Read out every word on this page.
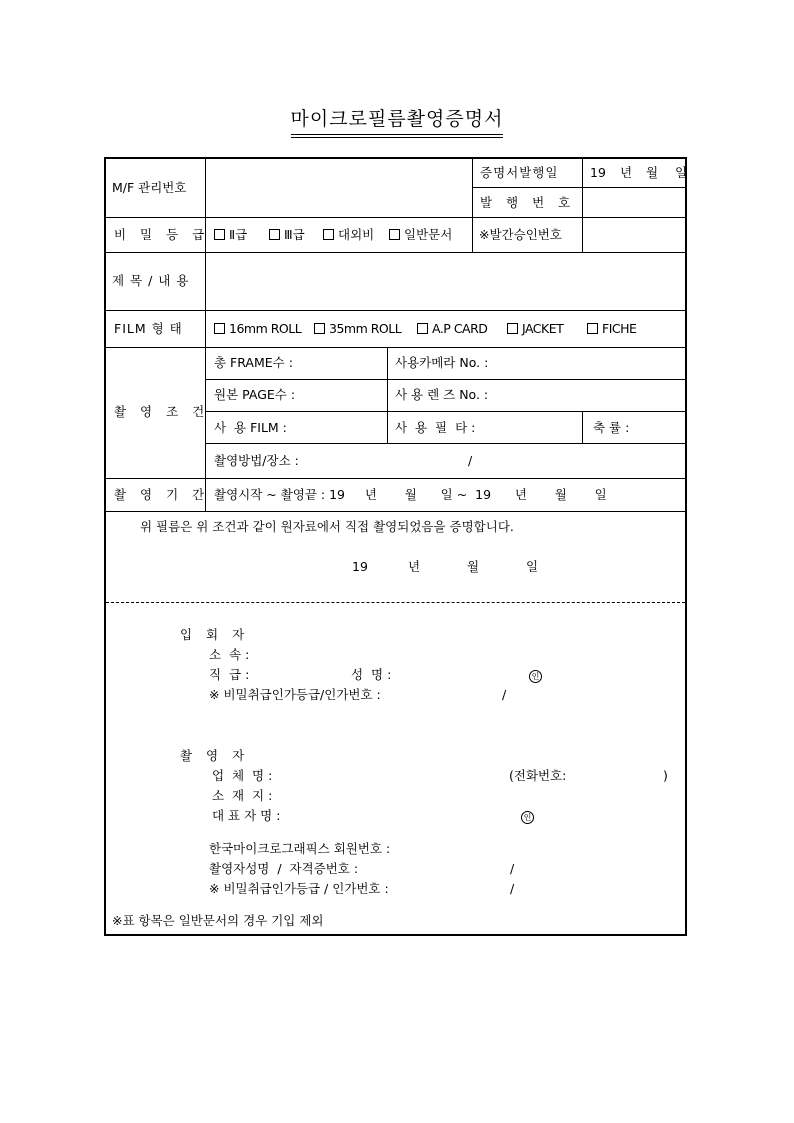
마이크로필름촬영증명서
M/F 관리번호
증명서발행일	19 년 월 일
발 행 번 호
비 밀 등 급	Ⅱ급	Ⅲ급	대외비	일반문서 ※발간승인번호
제 목 / 내 용
FILM 형 태	16mm ROLL	35mm ROLL	A.P CARD	JACKET	FICHE
촬 영 조 건
총 FRAME수 :	사용카메라 No. :
원본 PAGE수 :	사 용 렌 즈 No. :
사  용 FILM :	사  용  필  타 :	축 률 :
촬영방법/장소 :	/
촬 영 기 간 촬영시작 ~ 촬영끝 : 19     년       월      일 ~  19      년       월       일
위 필름은 위 조건과 같이 원자료에서 직접 촬영되었음을 증명합니다.
19	년	월	일
입 회 자
소  속 :
직  급 :	성  명 :	인
※ 비밀취급인가등급/인가번호 :	/
촬 영 자
업  체  명 :	(전화번호:	)
소  재  지 :
대 표 자 명 :	인
한국마이크로그래픽스 회원번호 :
촬영자성명  /  자격증번호 :	/
※ 비밀취급인가등급 / 인가번호 :	/
※표 항목은 일반문서의 경우 기입 제외
